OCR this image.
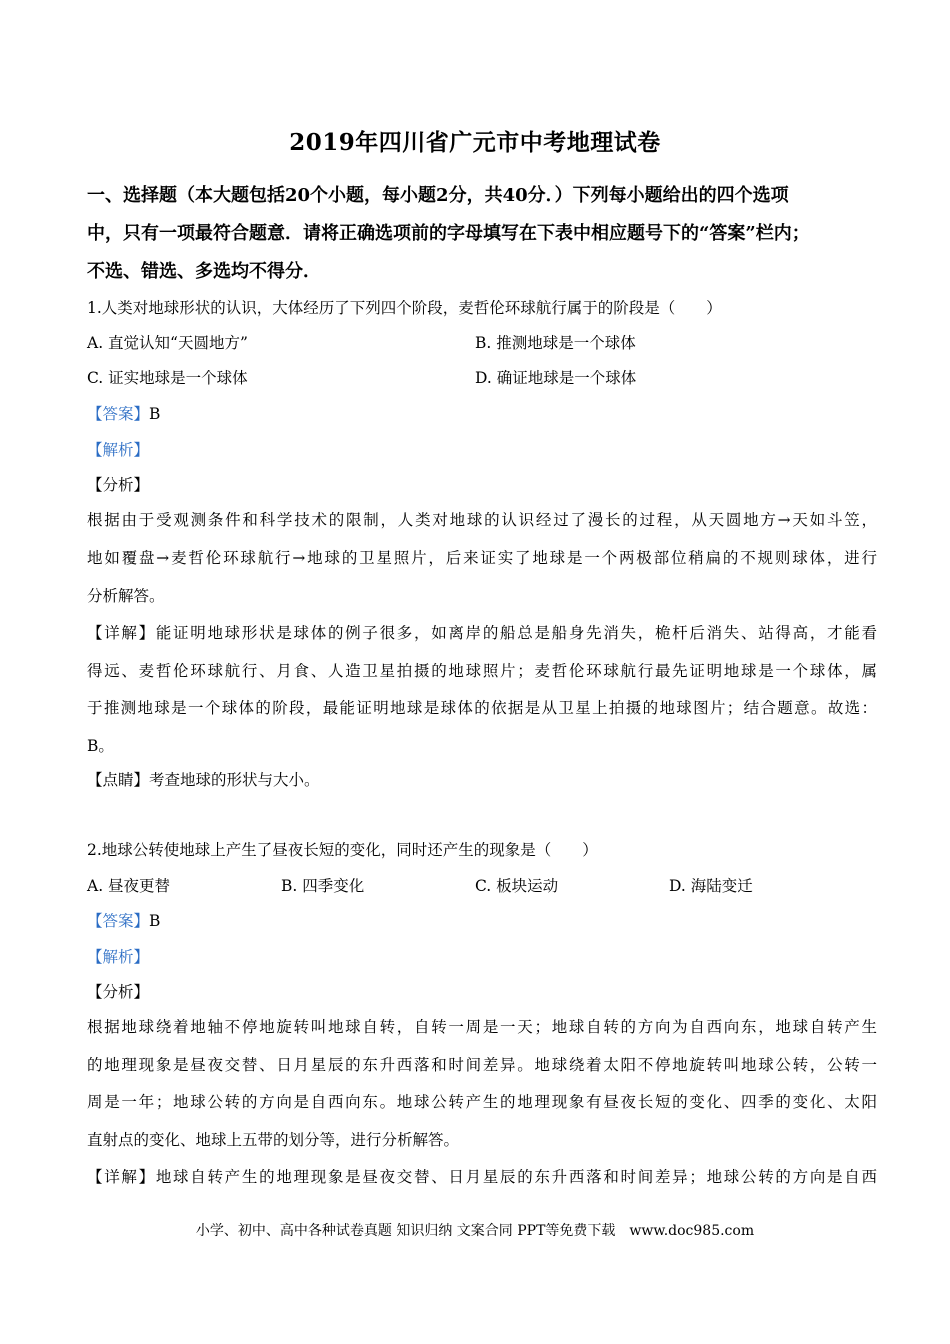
2019年四川省广元市中考地理试卷
一、选择题（本大题包括20个小题，每小题2分，共40分．）下列每小题给出的四个选项
中，只有一项最符合题意．请将正确选项前的字母填写在下表中相应题号下的“答案”栏内；
不选、错选、多选均不得分．
1.人类对地球形状的认识，大体经历了下列四个阶段，麦哲伦环球航行属于的阶段是（　　）
A. 直觉认知“天圆地方”	B. 推测地球是一个球体
C. 证实地球是一个球体	D. 确证地球是一个球体
【答案】B
【解析】
【分析】
根据由于受观测条件和科学技术的限制，人类对地球的认识经过了漫长的过程，从天圆地方→天如斗笠，
地如覆盘→麦哲伦环球航行→地球的卫星照片，后来证实了地球是一个两极部位稍扁的不规则球体，进行
分析解答。
【详解】能证明地球形状是球体的例子很多，如离岸的船总是船身先消失，桅杆后消失、站得高，才能看
得远、麦哲伦环球航行、月食、人造卫星拍摄的地球照片；麦哲伦环球航行最先证明地球是一个球体，属
于推测地球是一个球体的阶段，最能证明地球是球体的依据是从卫星上拍摄的地球图片；结合题意。故选：
B。
【点睛】考查地球的形状与大小。
2.地球公转使地球上产生了昼夜长短的变化，同时还产生的现象是（　　）
A. 昼夜更替	B. 四季变化	C. 板块运动	D. 海陆变迁
【答案】B
【解析】
【分析】
根据地球绕着地轴不停地旋转叫地球自转，自转一周是一天；地球自转的方向为自西向东，地球自转产生
的地理现象是昼夜交替、日月星辰的东升西落和时间差异。地球绕着太阳不停地旋转叫地球公转，公转一
周是一年；地球公转的方向是自西向东。地球公转产生的地理现象有昼夜长短的变化、四季的变化、太阳
直射点的变化、地球上五带的划分等，进行分析解答。
【详解】地球自转产生的地理现象是昼夜交替、日月星辰的东升西落和时间差异；地球公转的方向是自西
小学、初中、高中各种试卷真题 知识归纳 文案合同 PPT等免费下载　www.doc985.com
